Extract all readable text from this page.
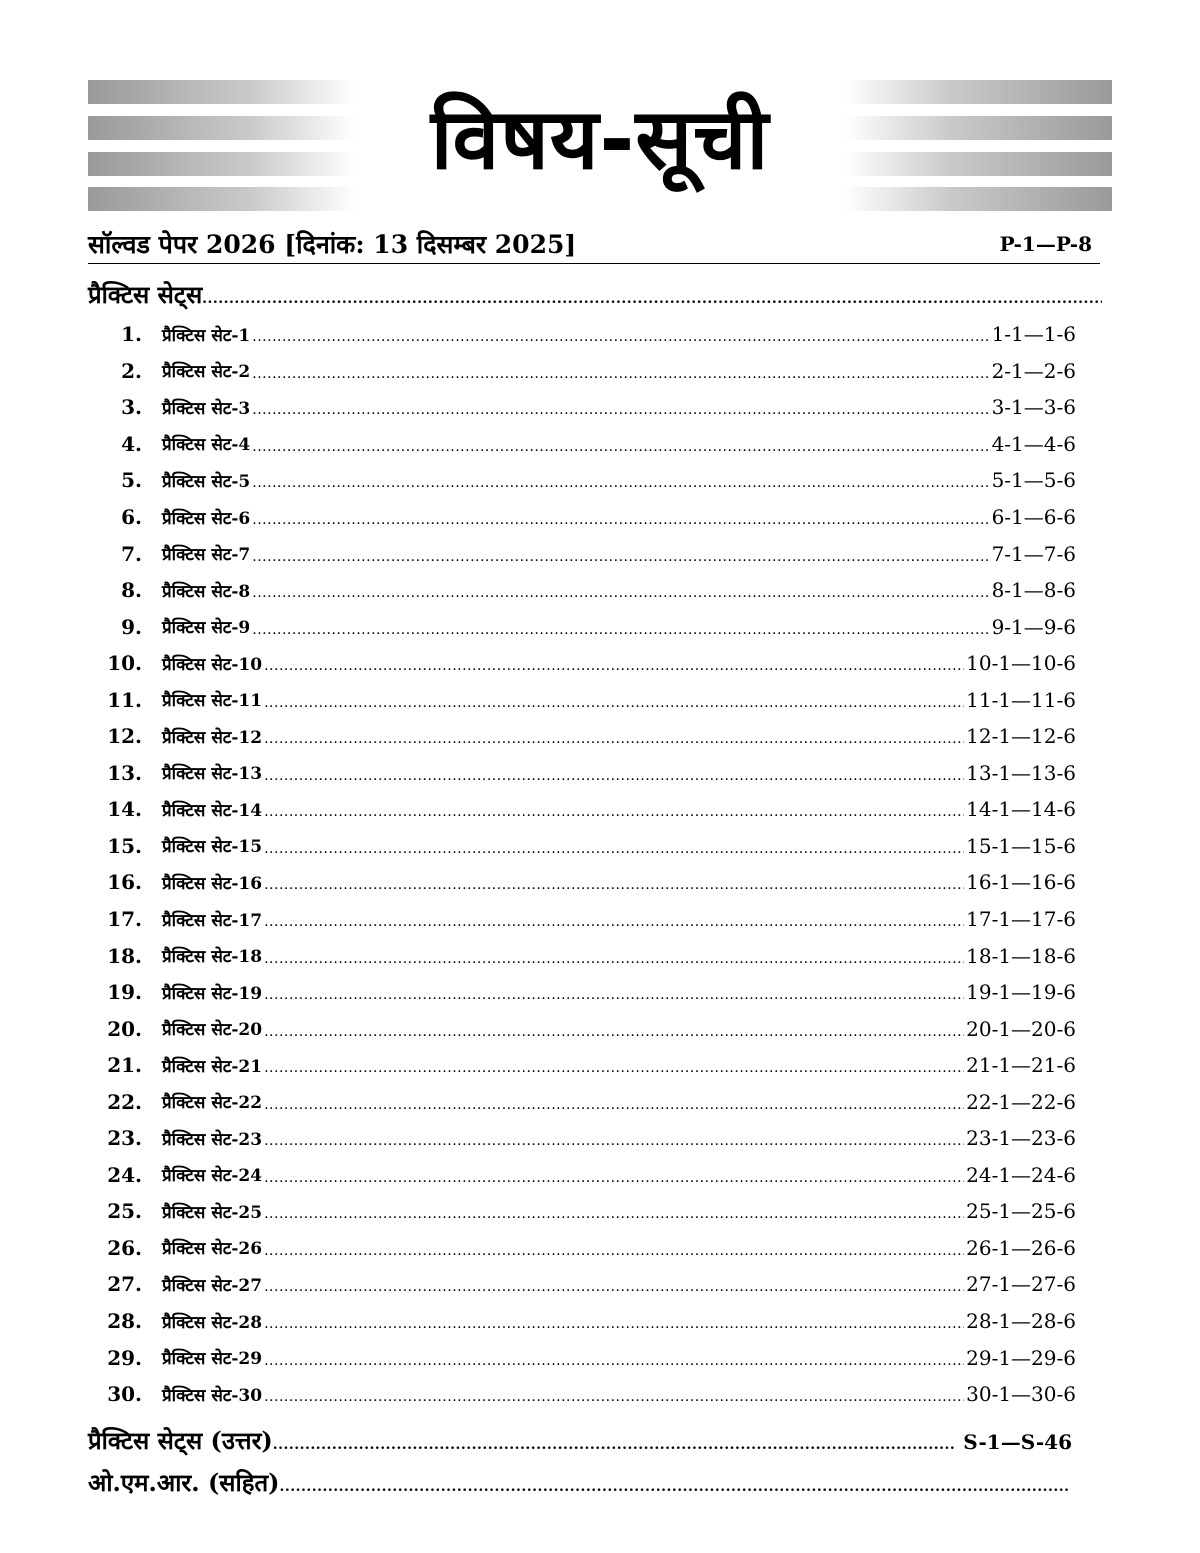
विषय-सूची
सॉल्वड पेपर 2026 [दिनांक: 13 दिसम्बर 2025]	P-1—P-8
प्रैक्टिस सेट्स
.....
1. प्रैक्टिस सेट-1 .....	1-1—1-6
2. प्रैक्टिस सेट-2 .....	2-1—2-6
3. प्रैक्टिस सेट-3 .....	3-1—3-6
4. प्रैक्टिस सेट-4 .....	4-1—4-6
5. प्रैक्टिस सेट-5 .....	5-1—5-6
6. प्रैक्टिस सेट-6 .....	6-1—6-6
7. प्रैक्टिस सेट-7 .....	7-1—7-6
8. प्रैक्टिस सेट-8 .....	8-1—8-6
9. प्रैक्टिस सेट-9 .....	9-1—9-6
10. प्रैक्टिस सेट-10 .....	10-1—10-6
11. प्रैक्टिस सेट-11 .....	11-1—11-6
12. प्रैक्टिस सेट-12 .....	12-1—12-6
13. प्रैक्टिस सेट-13 .....	13-1—13-6
14. प्रैक्टिस सेट-14 .....	14-1—14-6
15. प्रैक्टिस सेट-15 .....	15-1—15-6
16. प्रैक्टिस सेट-16 .....	16-1—16-6
17. प्रैक्टिस सेट-17 .....	17-1—17-6
18. प्रैक्टिस सेट-18 .....	18-1—18-6
19. प्रैक्टिस सेट-19 .....	19-1—19-6
20. प्रैक्टिस सेट-20 .....	20-1—20-6
21. प्रैक्टिस सेट-21 .....	21-1—21-6
22. प्रैक्टिस सेट-22 .....	22-1—22-6
23. प्रैक्टिस सेट-23 .....	23-1—23-6
24. प्रैक्टिस सेट-24 .....	24-1—24-6
25. प्रैक्टिस सेट-25 .....	25-1—25-6
26. प्रैक्टिस सेट-26 .....	26-1—26-6
27. प्रैक्टिस सेट-27 .....	27-1—27-6
28. प्रैक्टिस सेट-28 .....	28-1—28-6
29. प्रैक्टिस सेट-29 .....	29-1—29-6
30. प्रैक्टिस सेट-30 .....	30-1—30-6
प्रैक्टिस सेट्स (उत्तर) .....	S-1—S-46
ओ.एम.आर. (सहित)
.....
